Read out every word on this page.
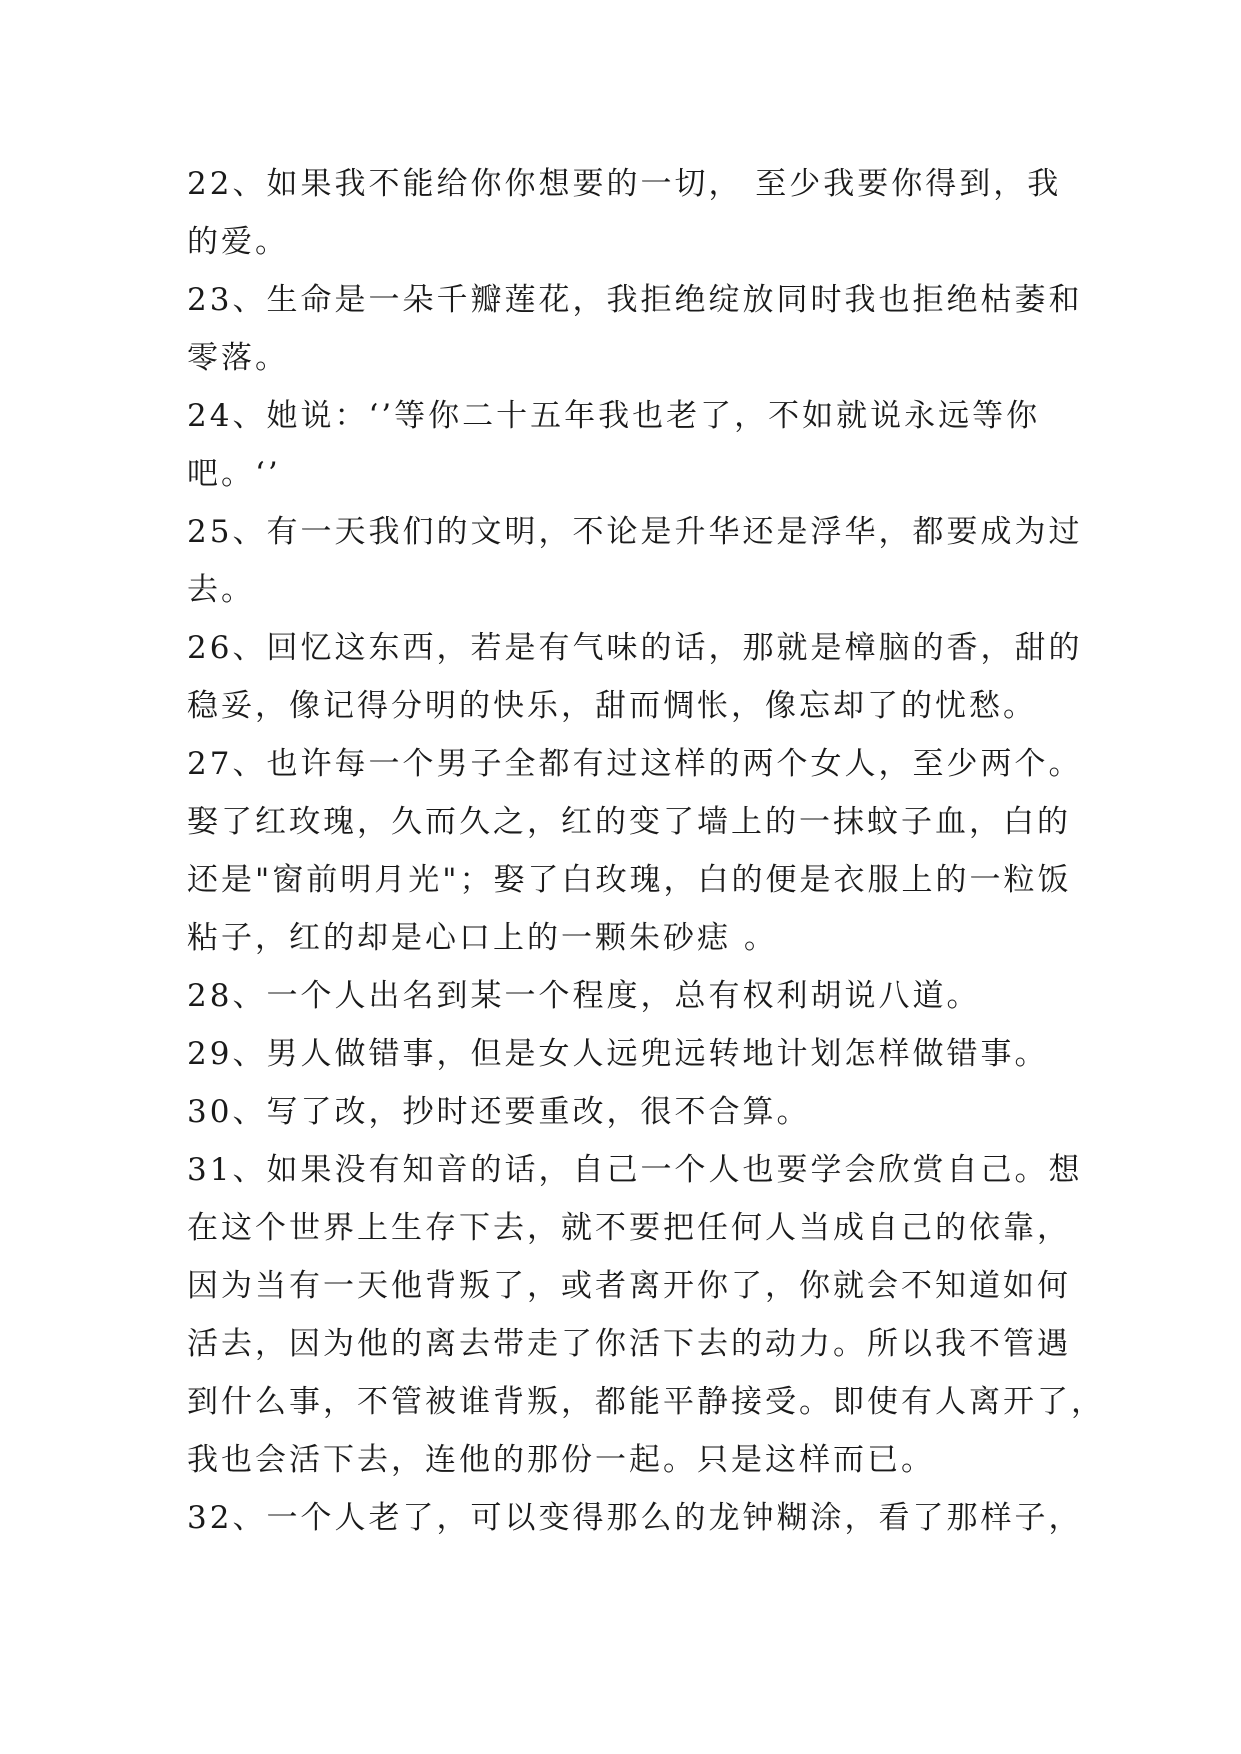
22、如果我不能给你你想要的一切， 至少我要你得到，我
的爱。
23、生命是一朵千瓣莲花，我拒绝绽放同时我也拒绝枯萎和
零落。
24、她说：‘’等你二十五年我也老了，不如就说永远等你
吧。‘’
25、有一天我们的文明，不论是升华还是浮华，都要成为过
去。
26、回忆这东西，若是有气味的话，那就是樟脑的香，甜的
稳妥，像记得分明的快乐，甜而惆怅，像忘却了的忧愁。
27、也许每一个男子全都有过这样的两个女人，至少两个。
娶了红玫瑰，久而久之，红的变了墙上的一抹蚊子血，白的
还是"窗前明月光"；娶了白玫瑰，白的便是衣服上的一粒饭
粘子，红的却是心口上的一颗朱砂痣 。
28、一个人出名到某一个程度，总有权利胡说八道。
29、男人做错事，但是女人远兜远转地计划怎样做错事。
30、写了改，抄时还要重改，很不合算。
31、如果没有知音的话，自己一个人也要学会欣赏自己。想
在这个世界上生存下去，就不要把任何人当成自己的依靠，
因为当有一天他背叛了，或者离开你了，你就会不知道如何
活去，因为他的离去带走了你活下去的动力。所以我不管遇
到什么事，不管被谁背叛，都能平静接受。即使有人离开了，
我也会活下去，连他的那份一起。只是这样而已。
32、一个人老了，可以变得那么的龙钟糊涂，看了那样子，
